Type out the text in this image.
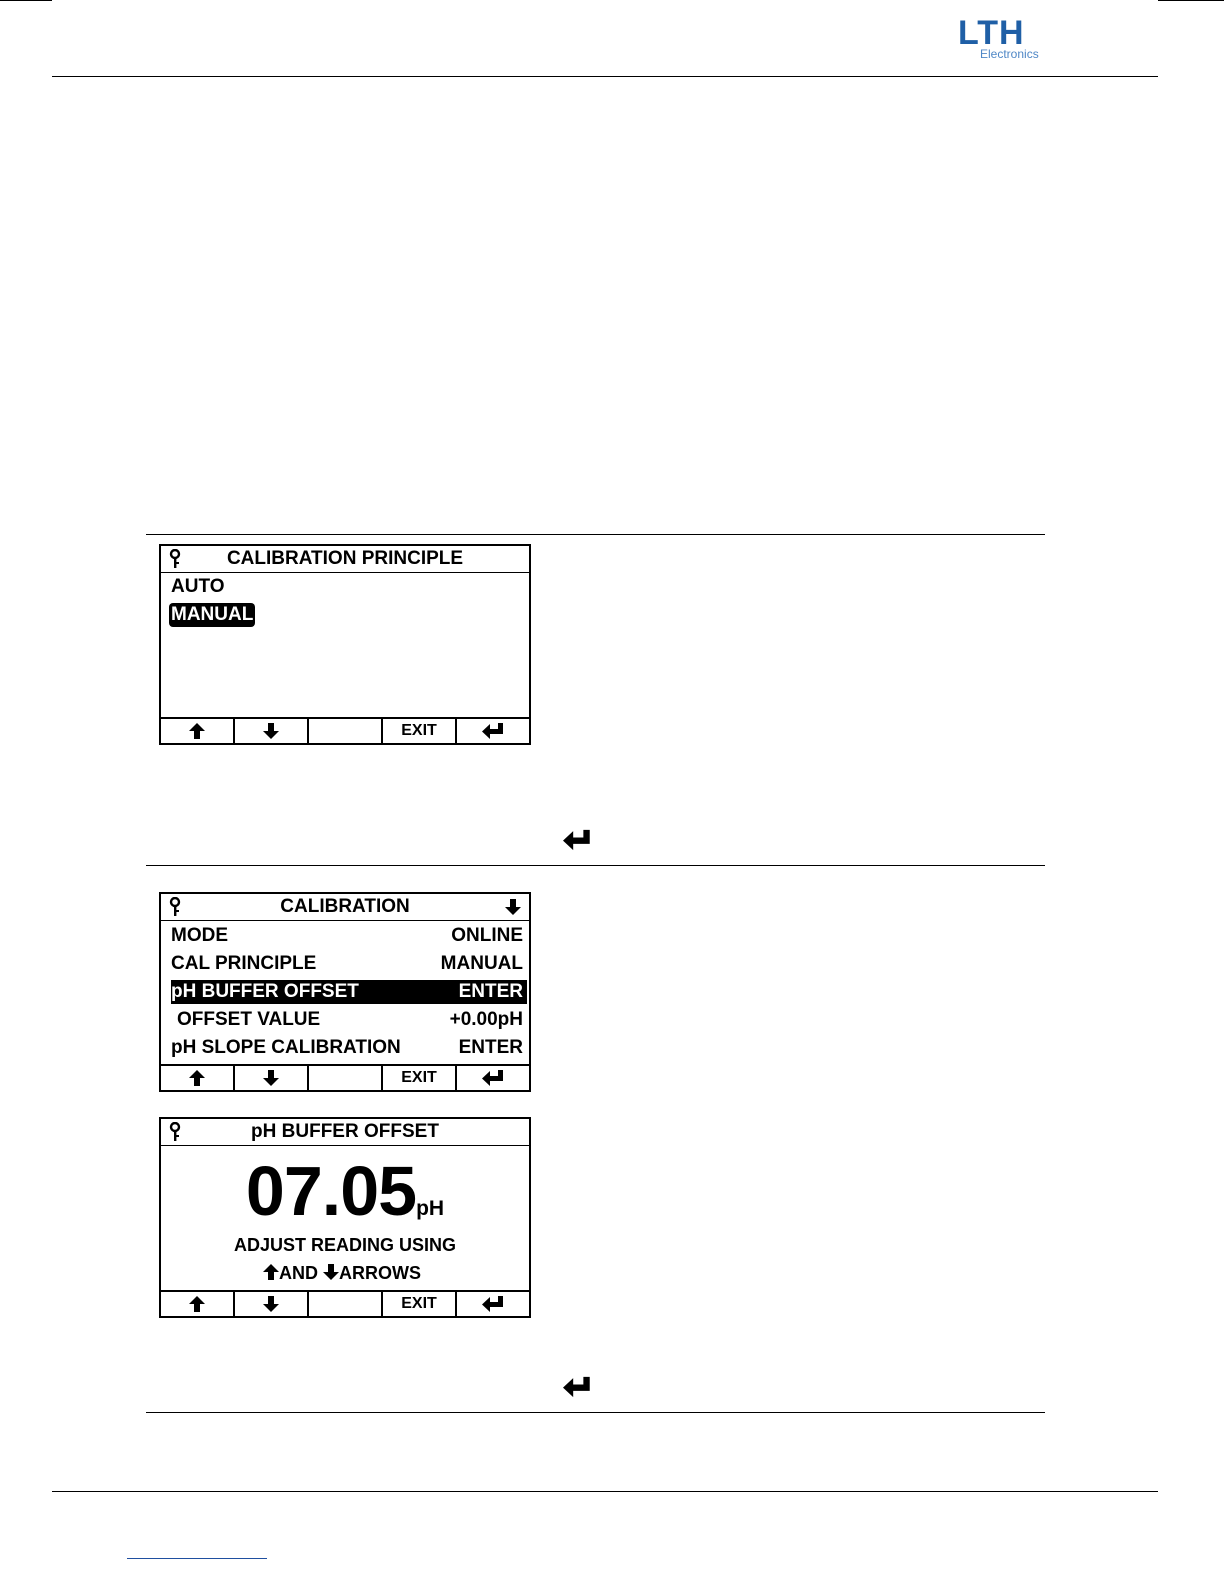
LTH
Electronics
CALIBRATION PRINCIPLE
AUTO
MANUAL
EXIT
CALIBRATION
MODE	ONLINE
CAL PRINCIPLE	MANUAL
pH BUFFER OFFSET	ENTER
OFFSET VALUE	+0.00pH
pH SLOPE CALIBRATION	ENTER
EXIT
pH BUFFER OFFSET
07.05pH
ADJUST READING USING
AND ARROWS
EXIT
